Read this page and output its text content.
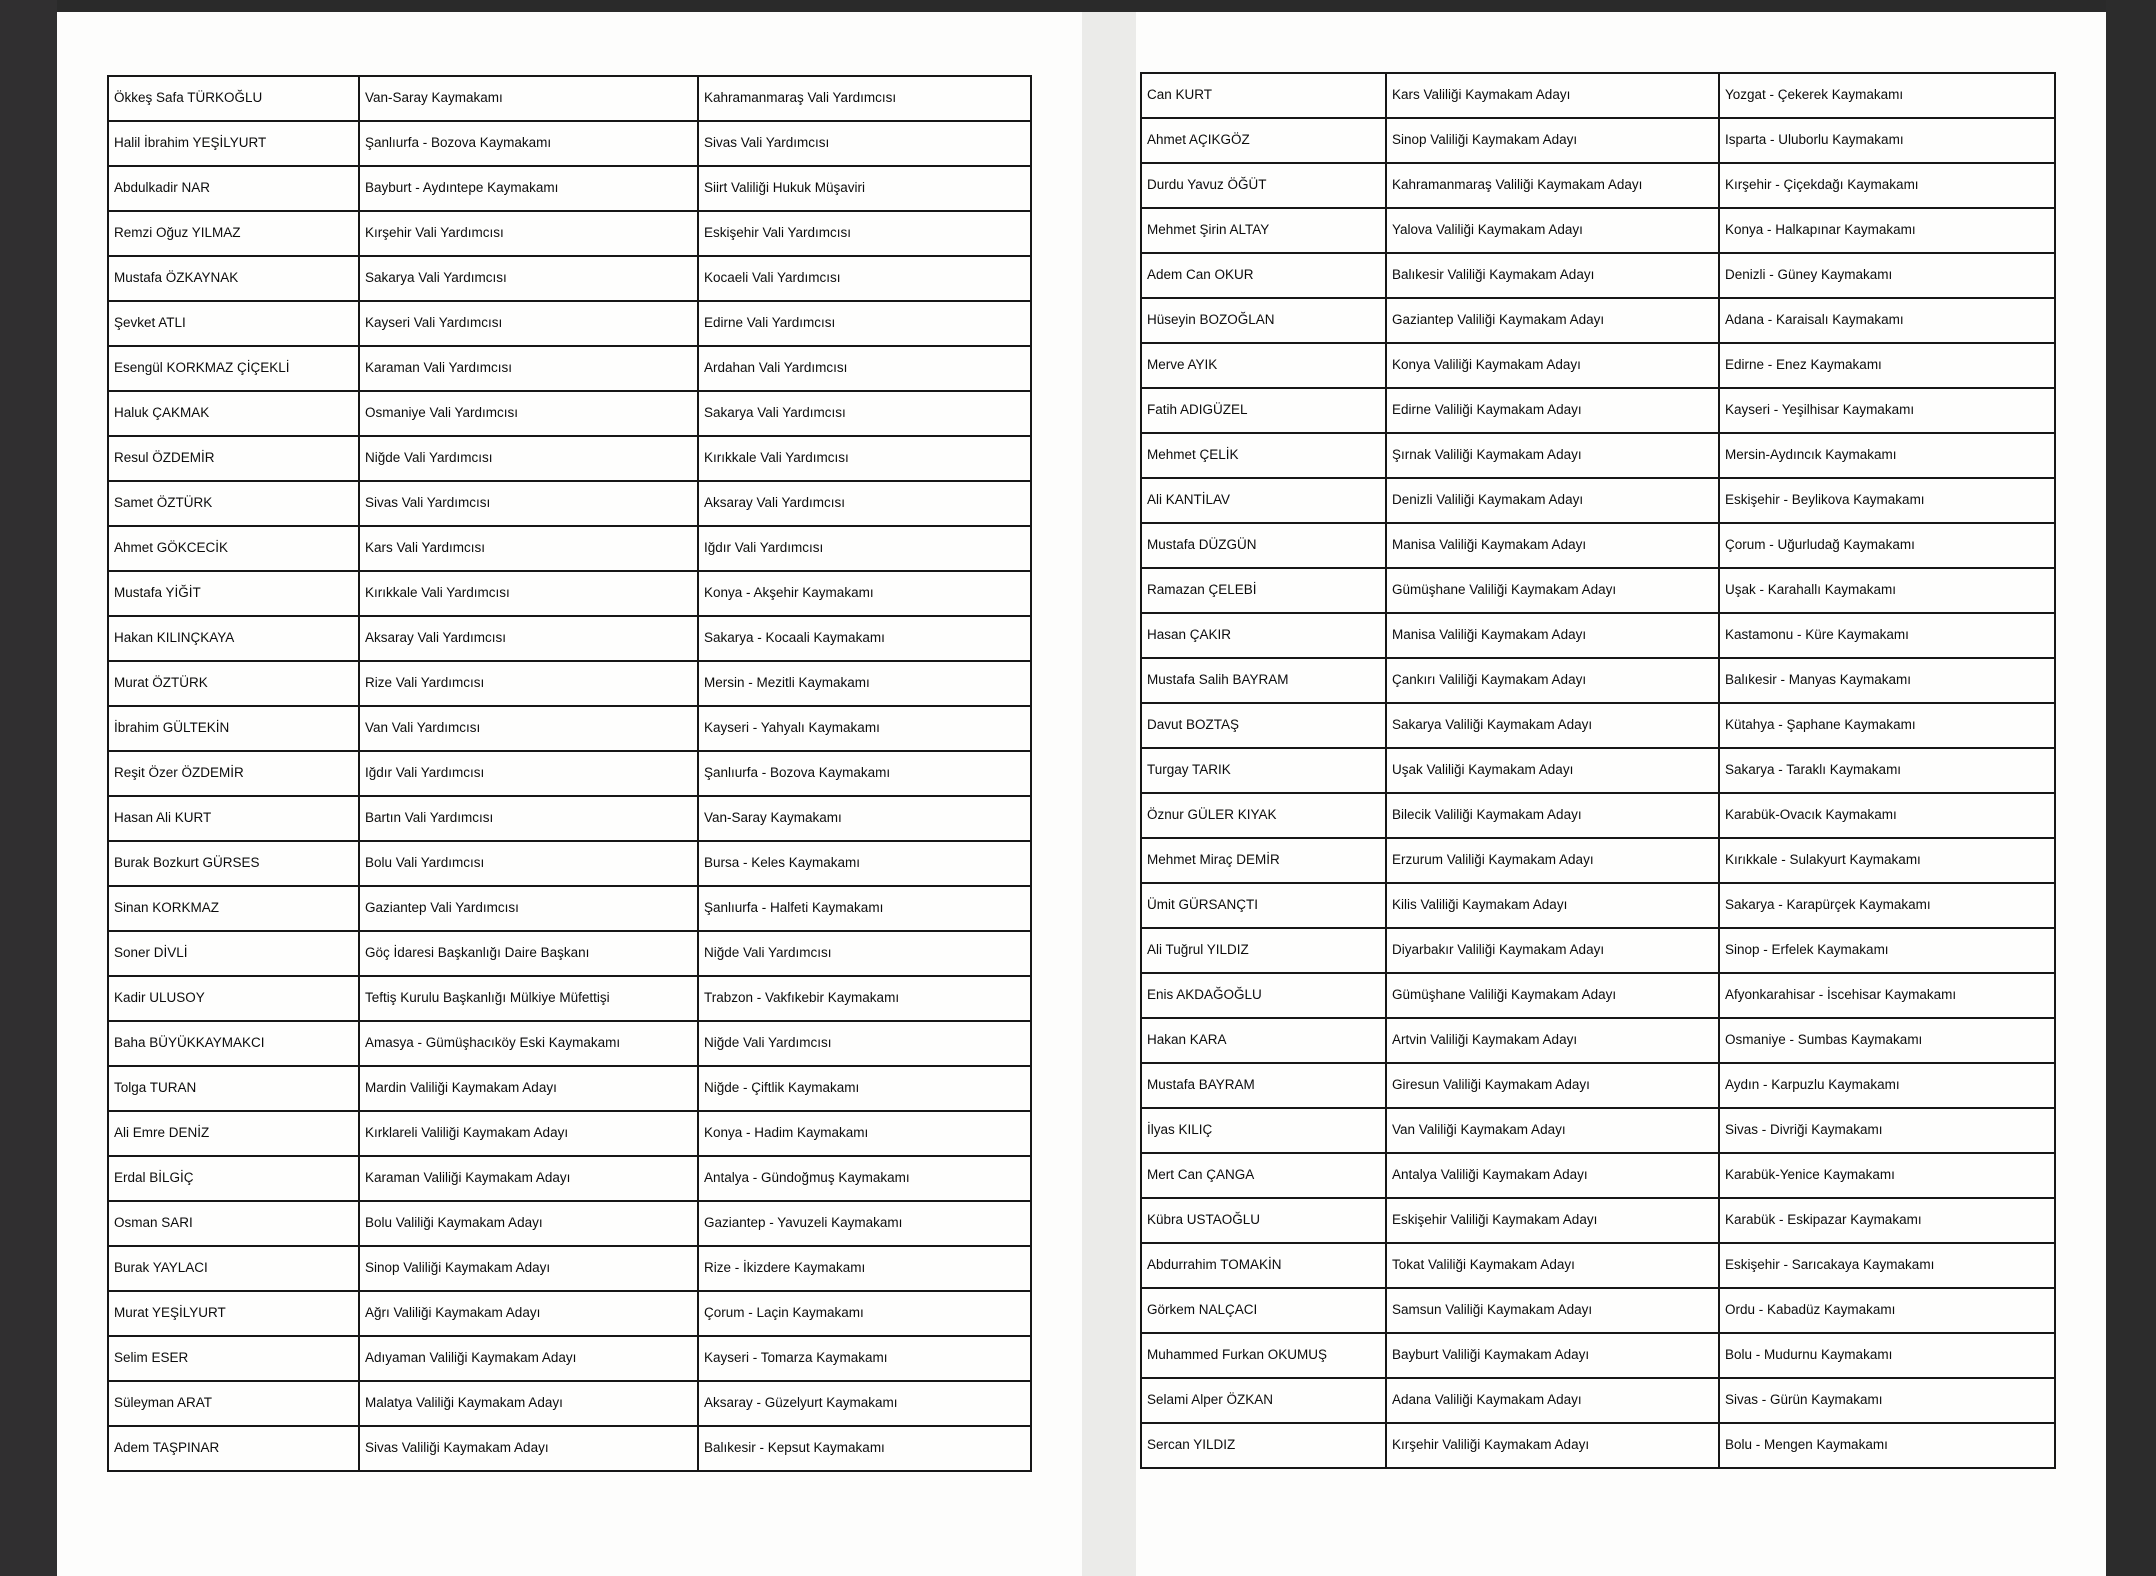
Ökkeş Safa TÜRKOĞLU	Van-Saray Kaymakamı	Kahramanmaraş Vali Yardımcısı
Halil İbrahim YEŞİLYURT	Şanlıurfa - Bozova Kaymakamı	Sivas Vali Yardımcısı
Abdulkadir NAR	Bayburt - Aydıntepe Kaymakamı	Siirt Valiliği Hukuk Müşaviri
Remzi Oğuz YILMAZ	Kırşehir Vali Yardımcısı	Eskişehir Vali Yardımcısı
Mustafa ÖZKAYNAK	Sakarya Vali Yardımcısı	Kocaeli Vali Yardımcısı
Şevket ATLI	Kayseri Vali Yardımcısı	Edirne Vali Yardımcısı
Esengül KORKMAZ ÇİÇEKLİ	Karaman Vali Yardımcısı	Ardahan Vali Yardımcısı
Haluk ÇAKMAK	Osmaniye Vali Yardımcısı	Sakarya Vali Yardımcısı
Resul ÖZDEMİR	Niğde Vali Yardımcısı	Kırıkkale Vali Yardımcısı
Samet ÖZTÜRK	Sivas Vali Yardımcısı	Aksaray Vali Yardımcısı
Ahmet GÖKCECİK	Kars Vali Yardımcısı	Iğdır Vali Yardımcısı
Mustafa YİĞİT	Kırıkkale Vali Yardımcısı	Konya - Akşehir Kaymakamı
Hakan KILINÇKAYA	Aksaray Vali Yardımcısı	Sakarya - Kocaali Kaymakamı
Murat ÖZTÜRK	Rize Vali Yardımcısı	Mersin - Mezitli Kaymakamı
İbrahim GÜLTEKİN	Van Vali Yardımcısı	Kayseri - Yahyalı Kaymakamı
Reşit Özer ÖZDEMİR	Iğdır Vali Yardımcısı	Şanlıurfa - Bozova Kaymakamı
Hasan Ali KURT	Bartın Vali Yardımcısı	Van-Saray Kaymakamı
Burak Bozkurt GÜRSES	Bolu Vali Yardımcısı	Bursa - Keles Kaymakamı
Sinan KORKMAZ	Gaziantep Vali Yardımcısı	Şanlıurfa - Halfeti Kaymakamı
Soner DİVLİ	Göç İdaresi Başkanlığı Daire Başkanı	Niğde Vali Yardımcısı
Kadir ULUSOY	Teftiş Kurulu Başkanlığı Mülkiye Müfettişi	Trabzon - Vakfıkebir Kaymakamı
Baha BÜYÜKKAYMAKCI	Amasya - Gümüşhacıköy Eski Kaymakamı	Niğde Vali Yardımcısı
Tolga TURAN	Mardin Valiliği Kaymakam Adayı	Niğde - Çiftlik Kaymakamı
Ali Emre DENİZ	Kırklareli Valiliği Kaymakam Adayı	Konya - Hadim Kaymakamı
Erdal BİLGİÇ	Karaman Valiliği Kaymakam Adayı	Antalya - Gündoğmuş Kaymakamı
Osman SARI	Bolu Valiliği Kaymakam Adayı	Gaziantep - Yavuzeli Kaymakamı
Burak YAYLACI	Sinop Valiliği Kaymakam Adayı	Rize - İkizdere Kaymakamı
Murat YEŞİLYURT	Ağrı Valiliği Kaymakam Adayı	Çorum - Laçin Kaymakamı
Selim ESER	Adıyaman Valiliği Kaymakam Adayı	Kayseri - Tomarza Kaymakamı
Süleyman ARAT	Malatya Valiliği Kaymakam Adayı	Aksaray - Güzelyurt Kaymakamı
Adem TAŞPINAR	Sivas Valiliği Kaymakam Adayı	Balıkesir - Kepsut Kaymakamı
Can KURT	Kars Valiliği Kaymakam Adayı	Yozgat - Çekerek Kaymakamı
Ahmet AÇIKGÖZ	Sinop Valiliği Kaymakam Adayı	Isparta - Uluborlu Kaymakamı
Durdu Yavuz ÖĞÜT	Kahramanmaraş Valiliği Kaymakam Adayı	Kırşehir - Çiçekdağı Kaymakamı
Mehmet Şirin ALTAY	Yalova Valiliği Kaymakam Adayı	Konya - Halkapınar Kaymakamı
Adem Can OKUR	Balıkesir Valiliği Kaymakam Adayı	Denizli - Güney Kaymakamı
Hüseyin BOZOĞLAN	Gaziantep Valiliği Kaymakam Adayı	Adana - Karaisalı Kaymakamı
Merve AYIK	Konya Valiliği Kaymakam Adayı	Edirne - Enez Kaymakamı
Fatih ADIGÜZEL	Edirne Valiliği Kaymakam Adayı	Kayseri - Yeşilhisar Kaymakamı
Mehmet ÇELİK	Şırnak Valiliği Kaymakam Adayı	Mersin-Aydıncık Kaymakamı
Ali KANTİLAV	Denizli Valiliği Kaymakam Adayı	Eskişehir - Beylikova Kaymakamı
Mustafa DÜZGÜN	Manisa Valiliği Kaymakam Adayı	Çorum - Uğurludağ Kaymakamı
Ramazan ÇELEBİ	Gümüşhane Valiliği Kaymakam Adayı	Uşak - Karahallı Kaymakamı
Hasan ÇAKIR	Manisa Valiliği Kaymakam Adayı	Kastamonu - Küre Kaymakamı
Mustafa Salih BAYRAM	Çankırı Valiliği Kaymakam Adayı	Balıkesir - Manyas Kaymakamı
Davut BOZTAŞ	Sakarya Valiliği Kaymakam Adayı	Kütahya - Şaphane Kaymakamı
Turgay TARIK	Uşak Valiliği Kaymakam Adayı	Sakarya - Taraklı Kaymakamı
Öznur GÜLER KIYAK	Bilecik Valiliği Kaymakam Adayı	Karabük-Ovacık Kaymakamı
Mehmet Miraç DEMİR	Erzurum Valiliği Kaymakam Adayı	Kırıkkale - Sulakyurt Kaymakamı
Ümit GÜRSANÇTI	Kilis Valiliği Kaymakam Adayı	Sakarya - Karapürçek Kaymakamı
Ali Tuğrul YILDIZ	Diyarbakır Valiliği Kaymakam Adayı	Sinop - Erfelek Kaymakamı
Enis AKDAĞOĞLU	Gümüşhane Valiliği Kaymakam Adayı	Afyonkarahisar - İscehisar Kaymakamı
Hakan KARA	Artvin Valiliği Kaymakam Adayı	Osmaniye - Sumbas Kaymakamı
Mustafa BAYRAM	Giresun Valiliği Kaymakam Adayı	Aydın - Karpuzlu Kaymakamı
İlyas KILIÇ	Van Valiliği Kaymakam Adayı	Sivas - Divriği Kaymakamı
Mert Can ÇANGA	Antalya Valiliği Kaymakam Adayı	Karabük-Yenice Kaymakamı
Kübra USTAOĞLU	Eskişehir Valiliği Kaymakam Adayı	Karabük - Eskipazar Kaymakamı
Abdurrahim TOMAKİN	Tokat Valiliği Kaymakam Adayı	Eskişehir - Sarıcakaya Kaymakamı
Görkem NALÇACI	Samsun Valiliği Kaymakam Adayı	Ordu - Kabadüz Kaymakamı
Muhammed Furkan OKUMUŞ	Bayburt Valiliği Kaymakam Adayı	Bolu - Mudurnu Kaymakamı
Selami Alper ÖZKAN	Adana Valiliği Kaymakam Adayı	Sivas - Gürün Kaymakamı
Sercan YILDIZ	Kırşehir Valiliği Kaymakam Adayı	Bolu - Mengen Kaymakamı
